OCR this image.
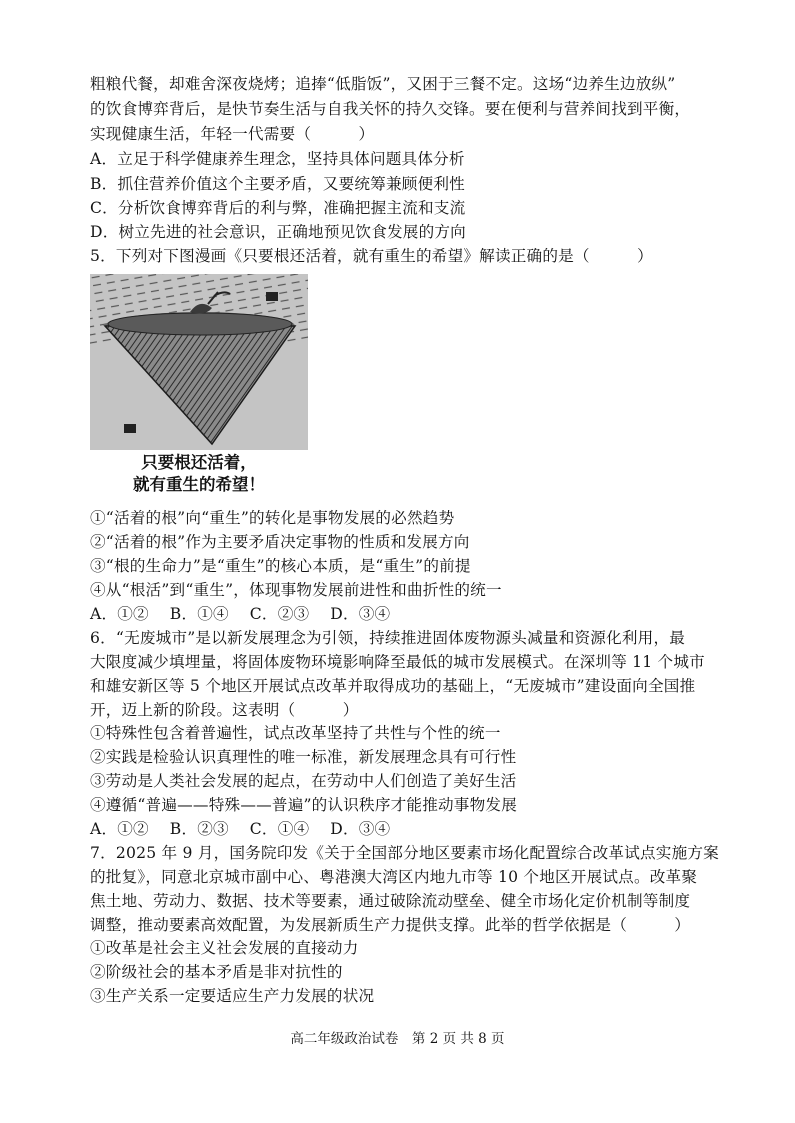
粗粮代餐，却难舍深夜烧烤；追捧“低脂饭”，又困于三餐不定。这场“边养生边放纵”
的饮食博弈背后，是快节奏生活与自我关怀的持久交锋。要在便利与营养间找到平衡，
实现健康生活，年轻一代需要（　　　）
A．立足于科学健康养生理念，坚持具体问题具体分析
B．抓住营养价值这个主要矛盾，又要统筹兼顾便利性
C．分析饮食博弈背后的利与弊，准确把握主流和支流
D．树立先进的社会意识，正确地预见饮食发展的方向
5．下列对下图漫画《只要根还活着，就有重生的希望》解读正确的是（　　　）
只要根还活着，
就有重生的希望！
①“活着的根”向“重生”的转化是事物发展的必然趋势
②“活着的根”作为主要矛盾决定事物的性质和发展方向
③“根的生命力”是“重生”的核心本质，是“重生”的前提
④从“根活”到“重生”，体现事物发展前进性和曲折性的统一
A．①②　 B．①④　 C．②③　 D．③④
6．“无废城市”是以新发展理念为引领，持续推进固体废物源头减量和资源化利用，最
大限度减少填埋量，将固体废物环境影响降至最低的城市发展模式。在深圳等 11 个城市
和雄安新区等 5 个地区开展试点改革并取得成功的基础上，“无废城市”建设面向全国推
开，迈上新的阶段。这表明（　　　）
①特殊性包含着普遍性，试点改革坚持了共性与个性的统一
②实践是检验认识真理性的唯一标准，新发展理念具有可行性
③劳动是人类社会发展的起点，在劳动中人们创造了美好生活
④遵循“普遍——特殊——普遍”的认识秩序才能推动事物发展
A．①②　 B．②③　 C．①④　 D．③④
7．2025 年 9 月，国务院印发《关于全国部分地区要素市场化配置综合改革试点实施方案
的批复》，同意北京城市副中心、粤港澳大湾区内地九市等 10 个地区开展试点。改革聚
焦土地、劳动力、数据、技术等要素，通过破除流动壁垒、健全市场化定价机制等制度
调整，推动要素高效配置，为发展新质生产力提供支撑。此举的哲学依据是（　　　）
①改革是社会主义社会发展的直接动力
②阶级社会的基本矛盾是非对抗性的
③生产关系一定要适应生产力发展的状况
高二年级政治试卷　第 2 页 共 8 页
